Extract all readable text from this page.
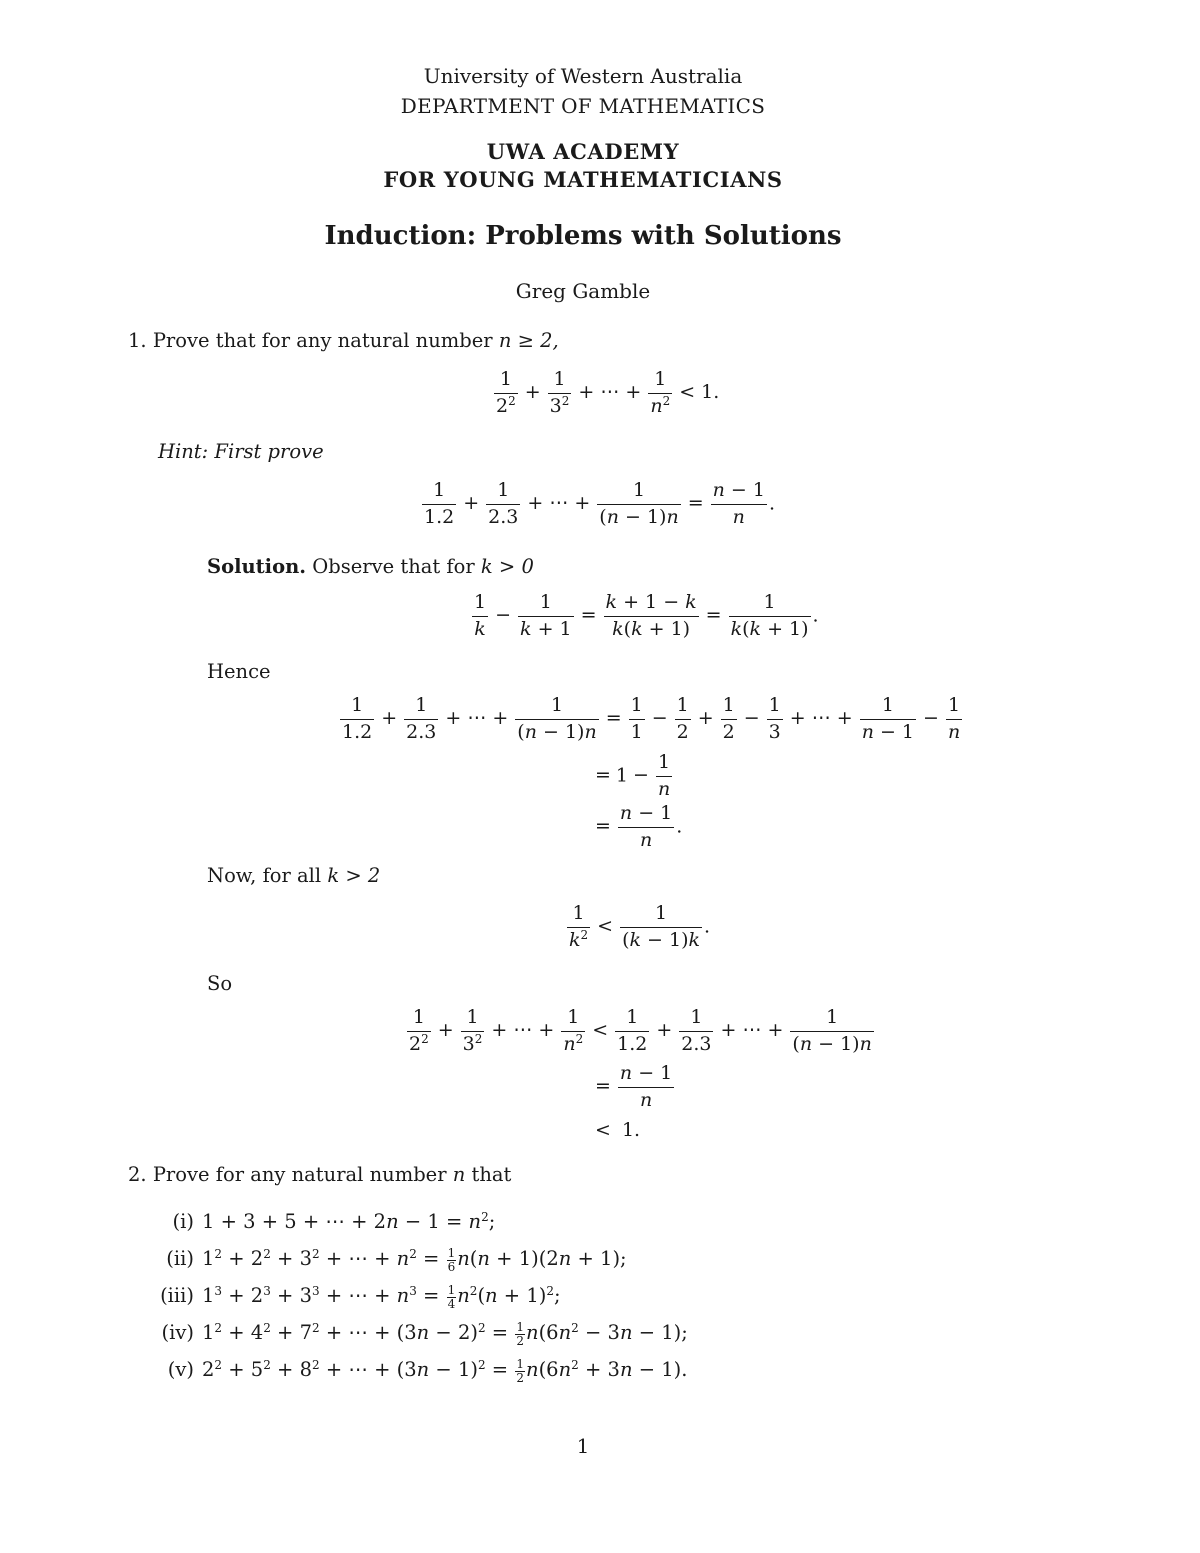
University of Western Australia
DEPARTMENT OF MATHEMATICS
UWA ACADEMY
FOR YOUNG MATHEMATICIANS
Induction: Problems with Solutions
Greg Gamble
1. Prove that for any natural number n ≥ 2,
$\frac{1}{2^2} + \frac{1}{3^2}$ + ⋯ + $\frac{1}{n^2} < 1$.
Hint: First prove
$\frac{1}{1.2} + \frac{1}{2.3}$ + ⋯ + $\frac{1}{(n - 1)n} = \frac{n - 1}{n}$ .
Solution. Observe that for k > 0
$\frac{1}{k} - \frac{1}{k + 1} = \frac{k + 1 - k}{k(k + 1)} = \frac{1}{k(k + 1)}$ .
Hence
$\frac{1}{1.2} + \frac{1}{2.3}$ + ⋯ + $\frac{1}{(n - 1)n} = \frac{1}{1} - \frac{1}{2} + \frac{1}{2} - \frac{1}{3}$ + ⋯ + $\frac{1}{n - 1} - \frac{1}{n}$
= $1 - \frac{1}{n}$
= $\frac{n - 1}{n}$ .
Now, for all k > 2
$\frac{1}{k^2} < \frac{1}{(k - 1)k}$ .
So
$\frac{1}{2^2} + \frac{1}{3^2}$ + ⋯ + $\frac{1}{n^2} < \frac{1}{1.2} + \frac{1}{2.3}$ + ⋯ + $\frac{1}{(n - 1)n}$
= $\frac{n - 1}{n}$
< 1.
2. Prove for any natural number n that
(i) 1 + 3 + 5 + ⋯ + $2n - 1 = n^2$;
(ii) $1^2 + 2^2 + 3^2$ + ⋯ + $n^2 = \frac{1}{6} n(n + 1)(2n + 1)$;
(iii) $1^3 + 2^3 + 3^3$ + ⋯ + $n^3 = \frac{1}{4} n^2(n + 1)^2$;
(iv) $1^2 + 4^2 + 7^2$ + ⋯ + $(3n - 2)^2 = \frac{1}{2} n(6n^2 - 3n - 1)$;
(v) $2^2 + 5^2 + 8^2$ + ⋯ + $(3n - 1)^2 = \frac{1}{2} n(6n^2 + 3n - 1)$.
1
